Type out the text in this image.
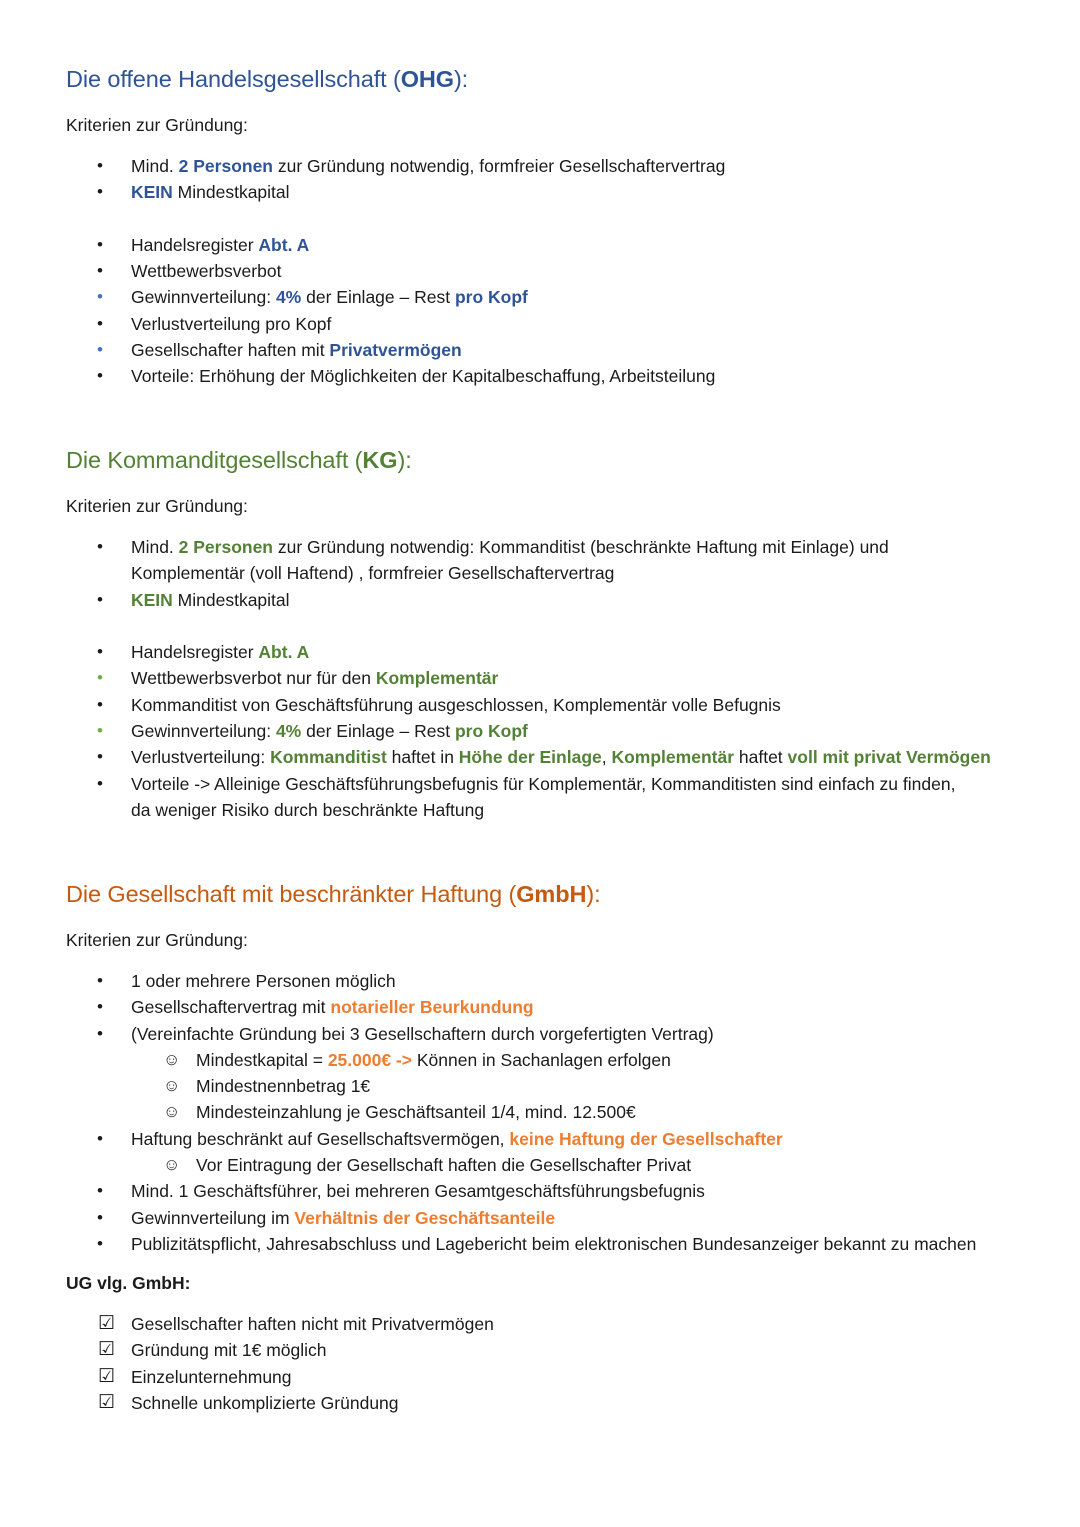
Die offene Handelsgesellschaft (OHG):
Kriterien zur Gründung:
• Mind. 2 Personen zur Gründung notwendig, formfreier Gesellschaftervertrag
• KEIN Mindestkapital
• Handelsregister Abt. A
• Wettbewerbsverbot
• Gewinnverteilung: 4% der Einlage – Rest pro Kopf
• Verlustverteilung pro Kopf
• Gesellschafter haften mit Privatvermögen
• Vorteile: Erhöhung der Möglichkeiten der Kapitalbeschaffung, Arbeitsteilung
Die Kommanditgesellschaft (KG):
Kriterien zur Gründung:
• Mind. 2 Personen zur Gründung notwendig: Kommanditist (beschränkte Haftung mit Einlage) und
Komplementär (voll Haftend) , formfreier Gesellschaftervertrag
• KEIN Mindestkapital
• Handelsregister Abt. A
• Wettbewerbsverbot nur für den Komplementär
• Kommanditist von Geschäftsführung ausgeschlossen, Komplementär volle Befugnis
• Gewinnverteilung: 4% der Einlage – Rest pro Kopf
• Verlustverteilung: Kommanditist haftet in Höhe der Einlage, Komplementär haftet voll mit privat Vermögen
• Vorteile -> Alleinige Geschäftsführungsbefugnis für Komplementär, Kommanditisten sind einfach zu finden,
da weniger Risiko durch beschränkte Haftung
Die Gesellschaft mit beschränkter Haftung (GmbH):
Kriterien zur Gründung:
• 1 oder mehrere Personen möglich
• Gesellschaftervertrag mit notarieller Beurkundung
• (Vereinfachte Gründung bei 3 Gesellschaftern durch vorgefertigten Vertrag)
☺ Mindestkapital = 25.000€ -> Können in Sachanlagen erfolgen
☺ Mindestnennbetrag 1€
☺ Mindesteinzahlung je Geschäftsanteil 1/4, mind. 12.500€
• Haftung beschränkt auf Gesellschaftsvermögen, keine Haftung der Gesellschafter
☺ Vor Eintragung der Gesellschaft haften die Gesellschafter Privat
• Mind. 1 Geschäftsführer, bei mehreren Gesamtgeschäftsführungsbefugnis
• Gewinnverteilung im Verhältnis der Geschäftsanteile
• Publizitätspflicht, Jahresabschluss und Lagebericht beim elektronischen Bundesanzeiger bekannt zu machen
UG vlg. GmbH:
☑ Gesellschafter haften nicht mit Privatvermögen
☑ Gründung mit 1€ möglich
☑ Einzelunternehmung
☑ Schnelle unkomplizierte Gründung
